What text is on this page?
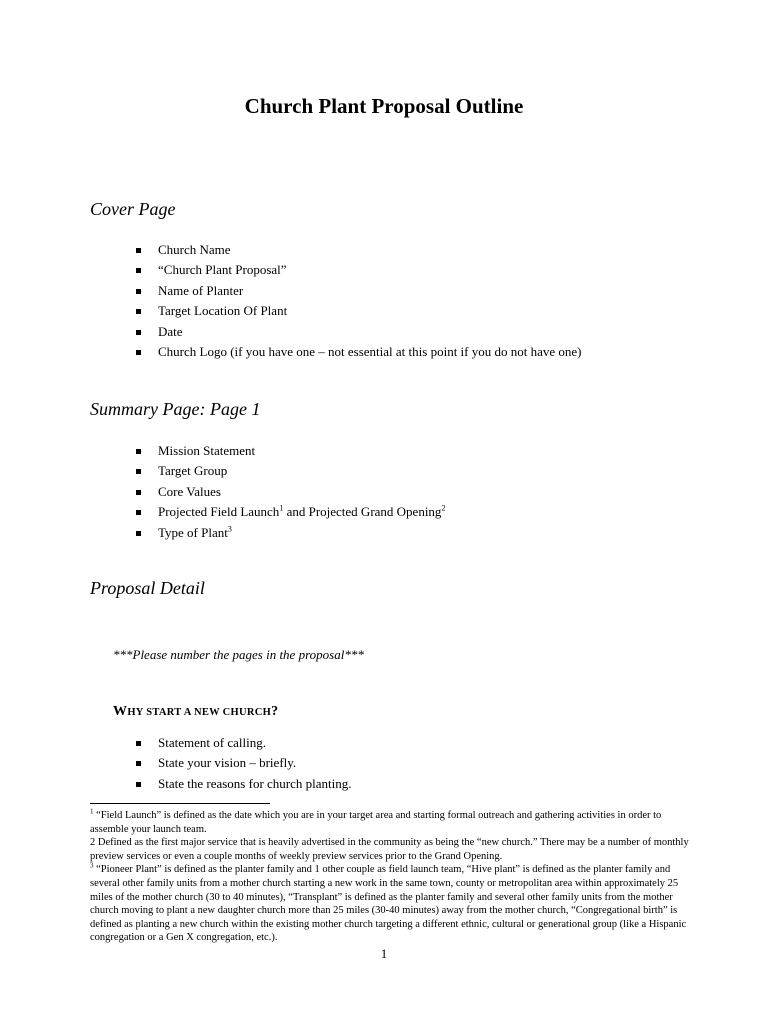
Church Plant Proposal Outline
Cover Page
Church Name
“Church Plant Proposal”
Name of Planter
Target Location Of Plant
Date
Church Logo (if you have one – not essential at this point if you do not have one)
Summary Page: Page 1
Mission Statement
Target Group
Core Values
Projected Field Launch$^1$ and Projected Grand Opening$^2$
Type of Plant$^3$
Proposal Detail
***Please number the pages in the proposal***
WHY START A NEW CHURCH?
Statement of calling.
State your vision – briefly.
State the reasons for church planting.

$^1$ “Field Launch” is defined as the date which you are in your target area and starting formal outreach and gathering activities in order to assemble your launch team.

2 Defined as the first major service that is heavily advertised in the community as being the “new church.” There may be a number of monthly preview services or even a couple months of weekly preview services prior to the Grand Opening.

$^3$ “Pioneer Plant” is defined as the planter family and 1 other couple as field launch team, “Hive plant” is defined as the planter family and several other family units from a mother church starting a new work in the same town, county or metropolitan area within approximately 25 miles of the mother church (30 to 40 minutes), “Transplant” is defined as the planter family and several other family units from the mother church moving to plant a new daughter church more than 25 miles (30-40 minutes) away from the mother church, “Congregational birth” is defined as planting a new church within the existing mother church targeting a different ethnic, cultural or generational group (like a Hispanic congregation or a Gen X congregation, etc.).

1
